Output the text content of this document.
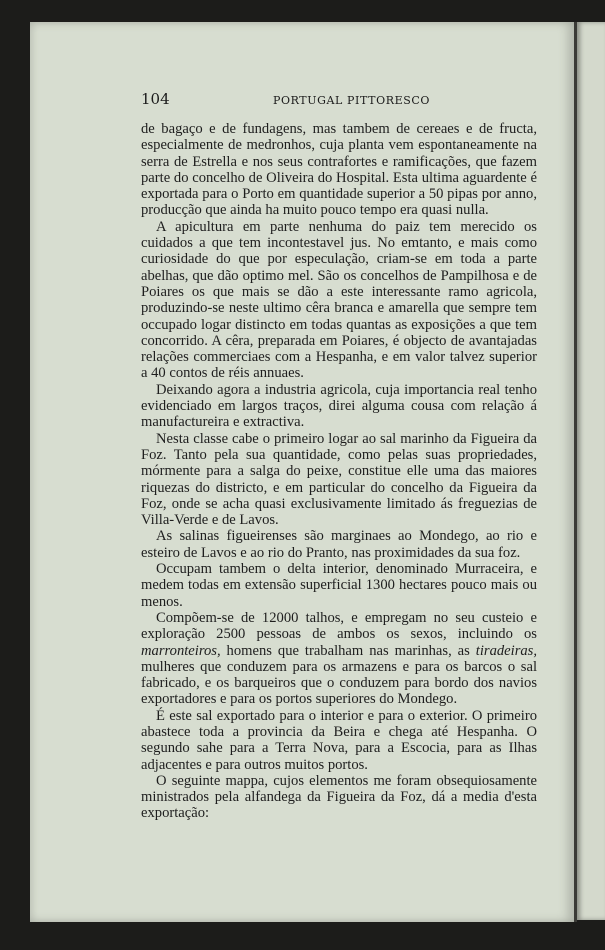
104	PORTUGAL PITTORESCO

de bagaço e de fundagens, mas tambem de cereaes e de fructa, especialmente de medronhos, cuja planta vem espontaneamente na serra de Estrella e nos seus contrafortes e ramificações, que fazem parte do concelho de Oliveira do Hospital. Esta ultima aguardente é exportada para o Porto em quantidade superior a 50 pipas por anno, producção que ainda ha muito pouco tempo era quasi nulla.

A apicultura em parte nenhuma do paiz tem merecido os cuidados a que tem incontestavel jus. No emtanto, e mais como curiosidade do que por especulação, criam-se em toda a parte abelhas, que dão optimo mel. São os concelhos de Pampilhosa e de Poiares os que mais se dão a este interessante ramo agricola, produzindo-se neste ultimo cêra branca e amarella que sempre tem occupado logar distincto em todas quantas as exposições a que tem concorrido. A cêra, preparada em Poiares, é objecto de avantajadas relações commerciaes com a Hespanha, e em valor talvez superior a 40 contos de réis annuaes.

Deixando agora a industria agricola, cuja importancia real tenho evidenciado em largos traços, direi alguma cousa com relação á manufactureira e extractiva.

Nesta classe cabe o primeiro logar ao sal marinho da Figueira da Foz. Tanto pela sua quantidade, como pelas suas propriedades, mórmente para a salga do peixe, constitue elle uma das maiores riquezas do districto, e em particular do concelho da Figueira da Foz, onde se acha quasi exclusivamente limitado ás freguezias de Villa-Verde e de Lavos.

As salinas figueirenses são marginaes ao Mondego, ao rio e esteiro de Lavos e ao rio do Pranto, nas proximidades da sua foz.

Occupam tambem o delta interior, denominado Murraceira, e medem todas em extensão superficial 1300 hectares pouco mais ou menos.

Compõem-se de 12000 talhos, e empregam no seu custeio e exploração 2500 pessoas de ambos os sexos, incluindo os marronteiros, homens que trabalham nas marinhas, as tiradeiras, mulheres que conduzem para os armazens e para os barcos o sal fabricado, e os barqueiros que o conduzem para bordo dos navios exportadores e para os portos superiores do Mondego.

É este sal exportado para o interior e para o exterior. O primeiro abastece toda a provincia da Beira e chega até Hespanha. O segundo sahe para a Terra Nova, para a Escocia, para as Ilhas adjacentes e para outros muitos portos.

O seguinte mappa, cujos elementos me foram obsequiosamente ministrados pela alfandega da Figueira da Foz, dá a media d'esta exportação:
